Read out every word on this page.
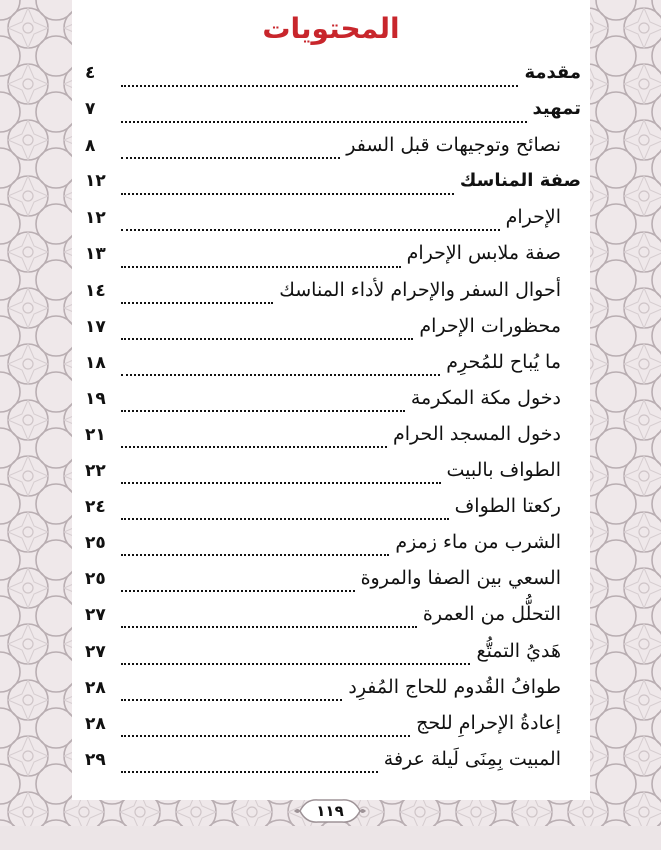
المحتويات
مقدمة
٤
تمهيد
٧
نصائح وتوجيهات قبل السفر
٨
صفة المناسك
١٢
الإحرام
١٢
صفة ملابس الإحرام
١٣
أحوال السفر والإحرام لأداء المناسك
١٤
محظورات الإحرام
١٧
ما يُباح للمُحرِم
١٨
دخول مكة المكرمة
١٩
دخول المسجد الحرام
٢١
الطواف بالبيت
٢٢
ركعتا الطواف
٢٤
الشرب من ماء زمزم
٢٥
السعي بين الصفا والمروة
٢٥
التحلُّل من العمرة
٢٧
هَديُ التمتُّع
٢٧
طوافُ القُدوم للحاج المُفرِد
٢٨
إعادةُ الإحرامِ للحج
٢٨
المبيت بِمِنَى لَيلة عرفة
٢٩
١١٩
